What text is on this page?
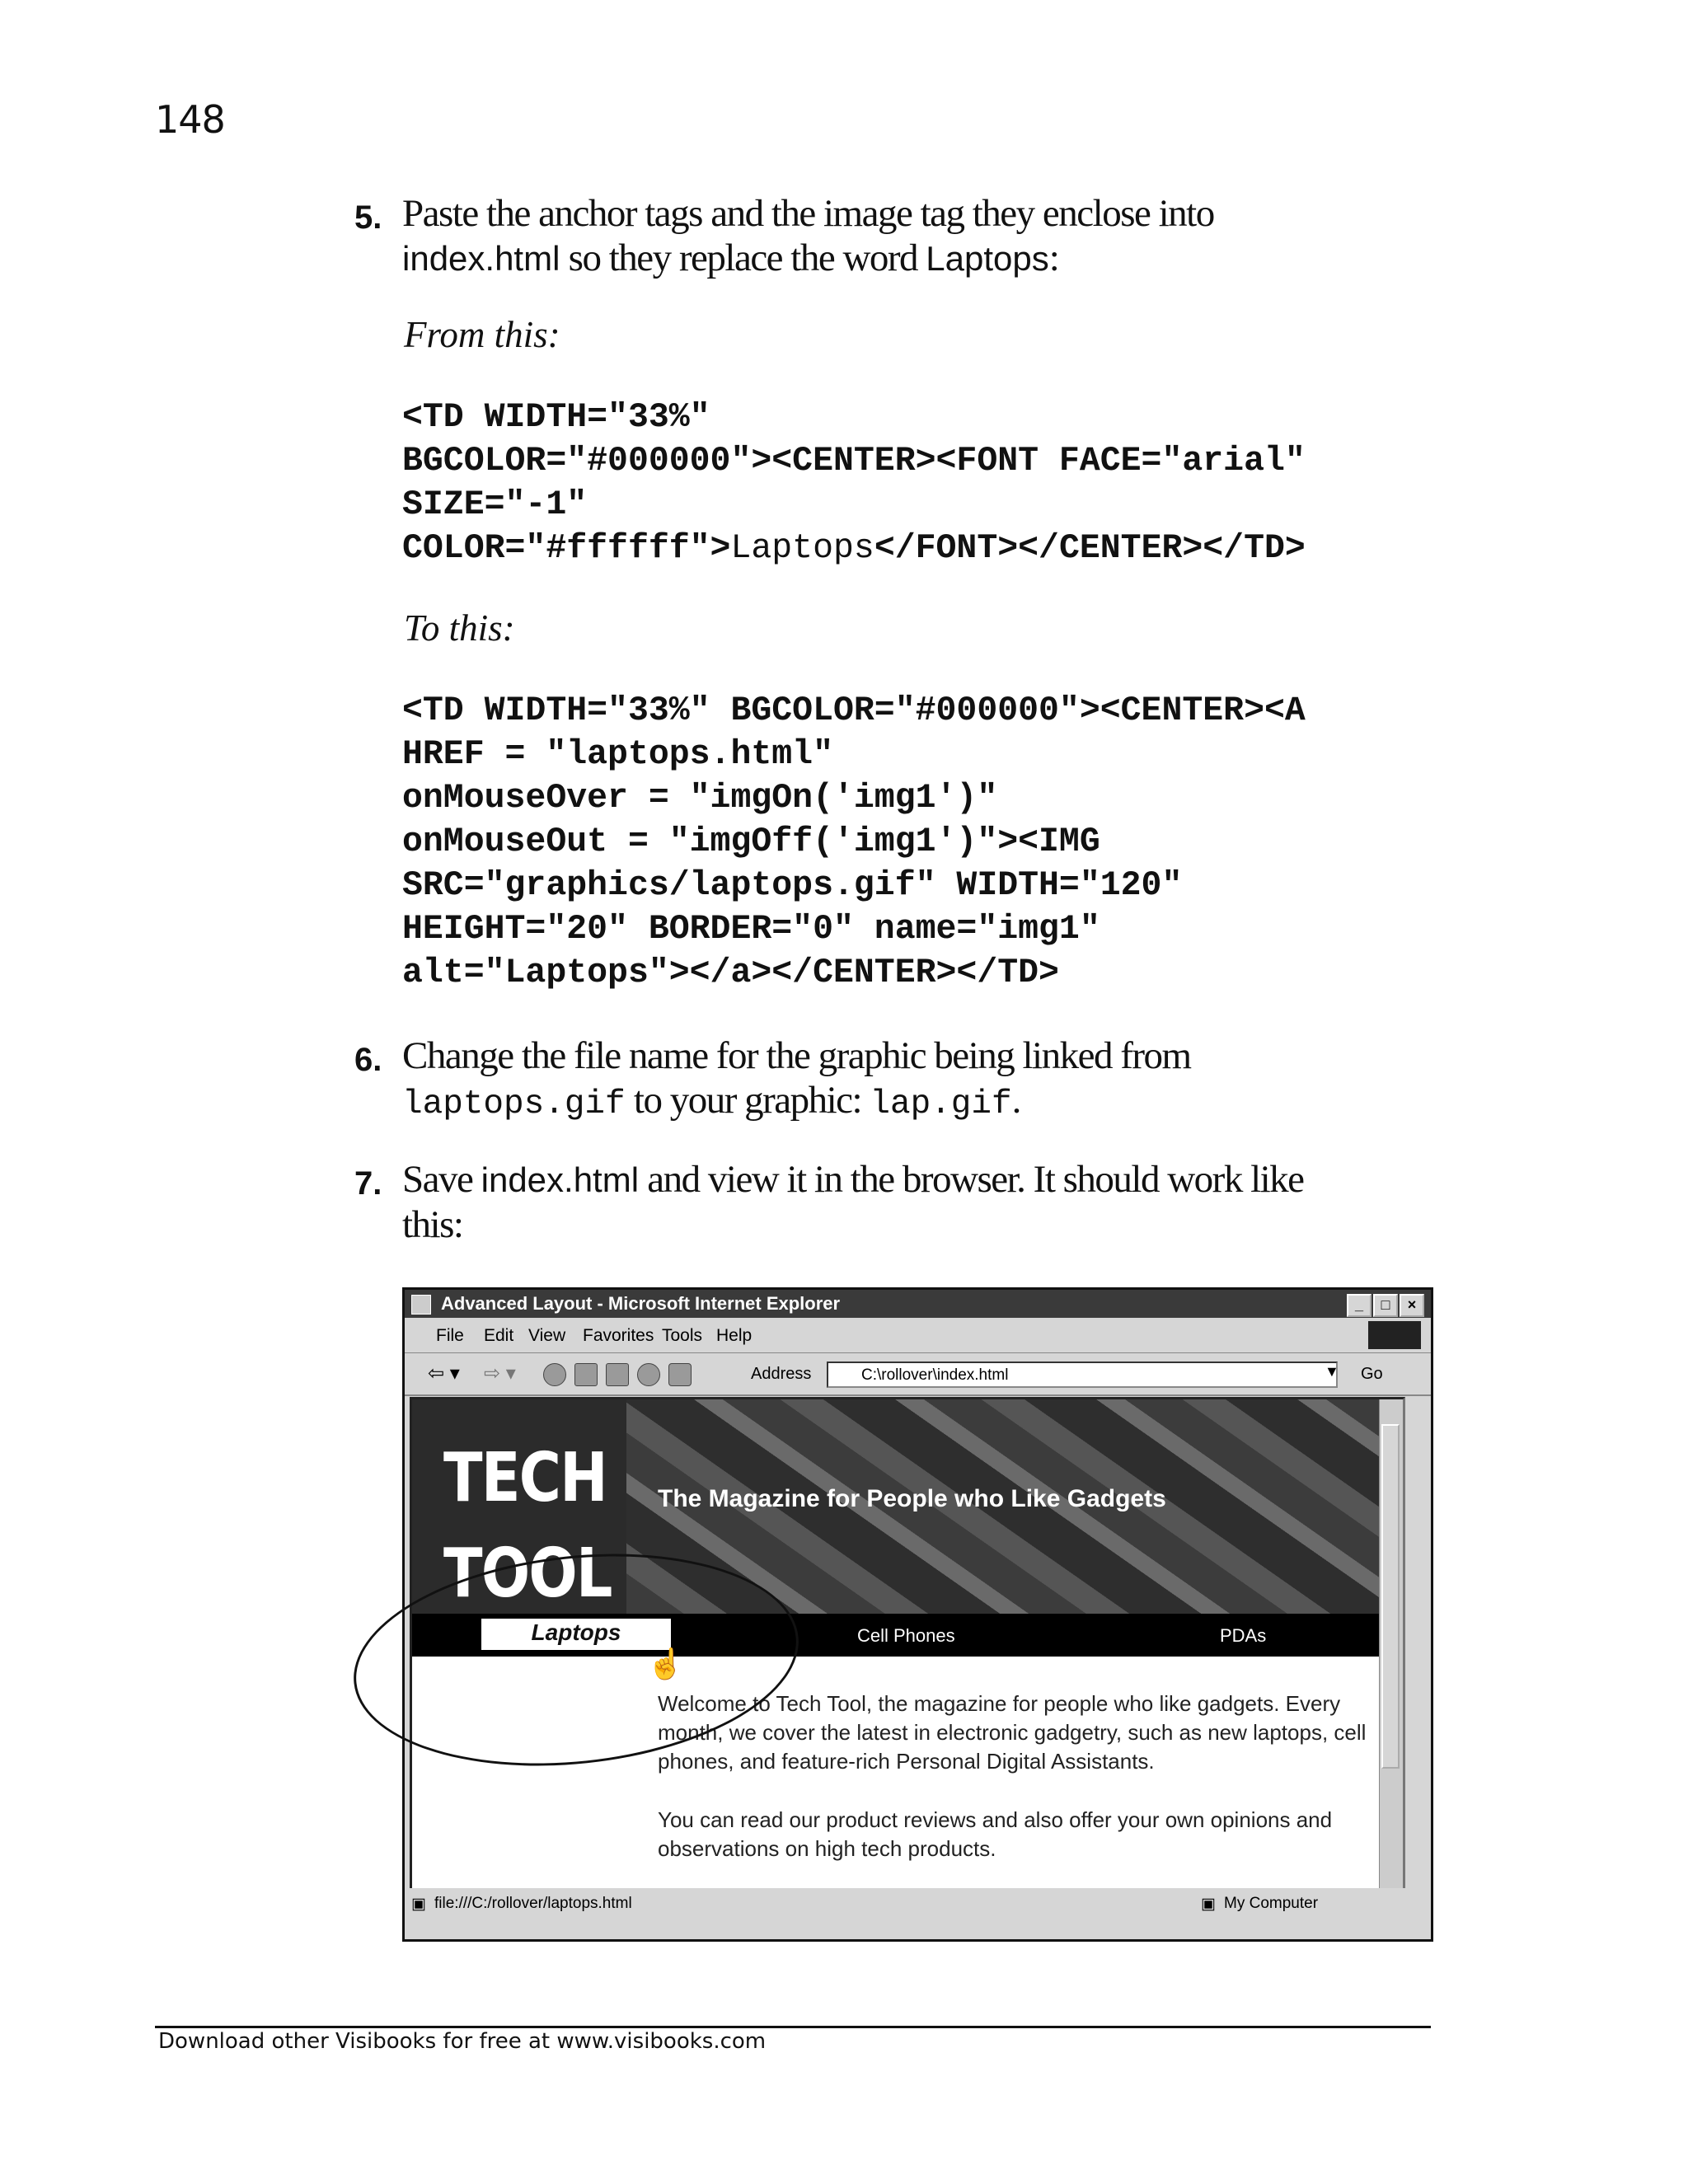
148
5. Paste the anchor tags and the image tag they enclose into
index.html so they replace the word Laptops:
From this:
<TD WIDTH="33%"
BGCOLOR="#000000"><CENTER><FONT FACE="arial"
SIZE="-1"
COLOR="#ffffff">Laptops</FONT></CENTER></TD>
To this:
<TD WIDTH="33%" BGCOLOR="#000000"><CENTER><A
HREF = "laptops.html"
onMouseOver = "imgOn('img1')"
onMouseOut = "imgOff('img1')"><IMG
SRC="graphics/laptops.gif" WIDTH="120"
HEIGHT="20" BORDER="0" name="img1"
alt="Laptops"></a></CENTER></TD>
6. Change the file name for the graphic being linked from
laptops.gif to your graphic: lap.gif.
7. Save index.html and view it in the browser. It should work like
this:
Advanced Layout - Microsoft Internet Explorer	_	□	×
File Edit View Favorites Tools Help
⇦ ▾ ⇨ ▾	Address	C:\rollover\index.html	▼ Go
TECH
TOOL
The Magazine for People who Like Gadgets
Laptops	Cell Phones	PDAs
☝

Welcome to Tech Tool, the magazine for people who like gadgets. Every month, we cover the latest in electronic gadgetry, such as new laptops, cell phones, and feature-rich Personal Digital Assistants.

You can read our product reviews and also offer your own opinions and observations on high tech products.

▣ file:///C:/rollover/laptops.html	▣ My Computer
Download other Visibooks for free at www.visibooks.com
